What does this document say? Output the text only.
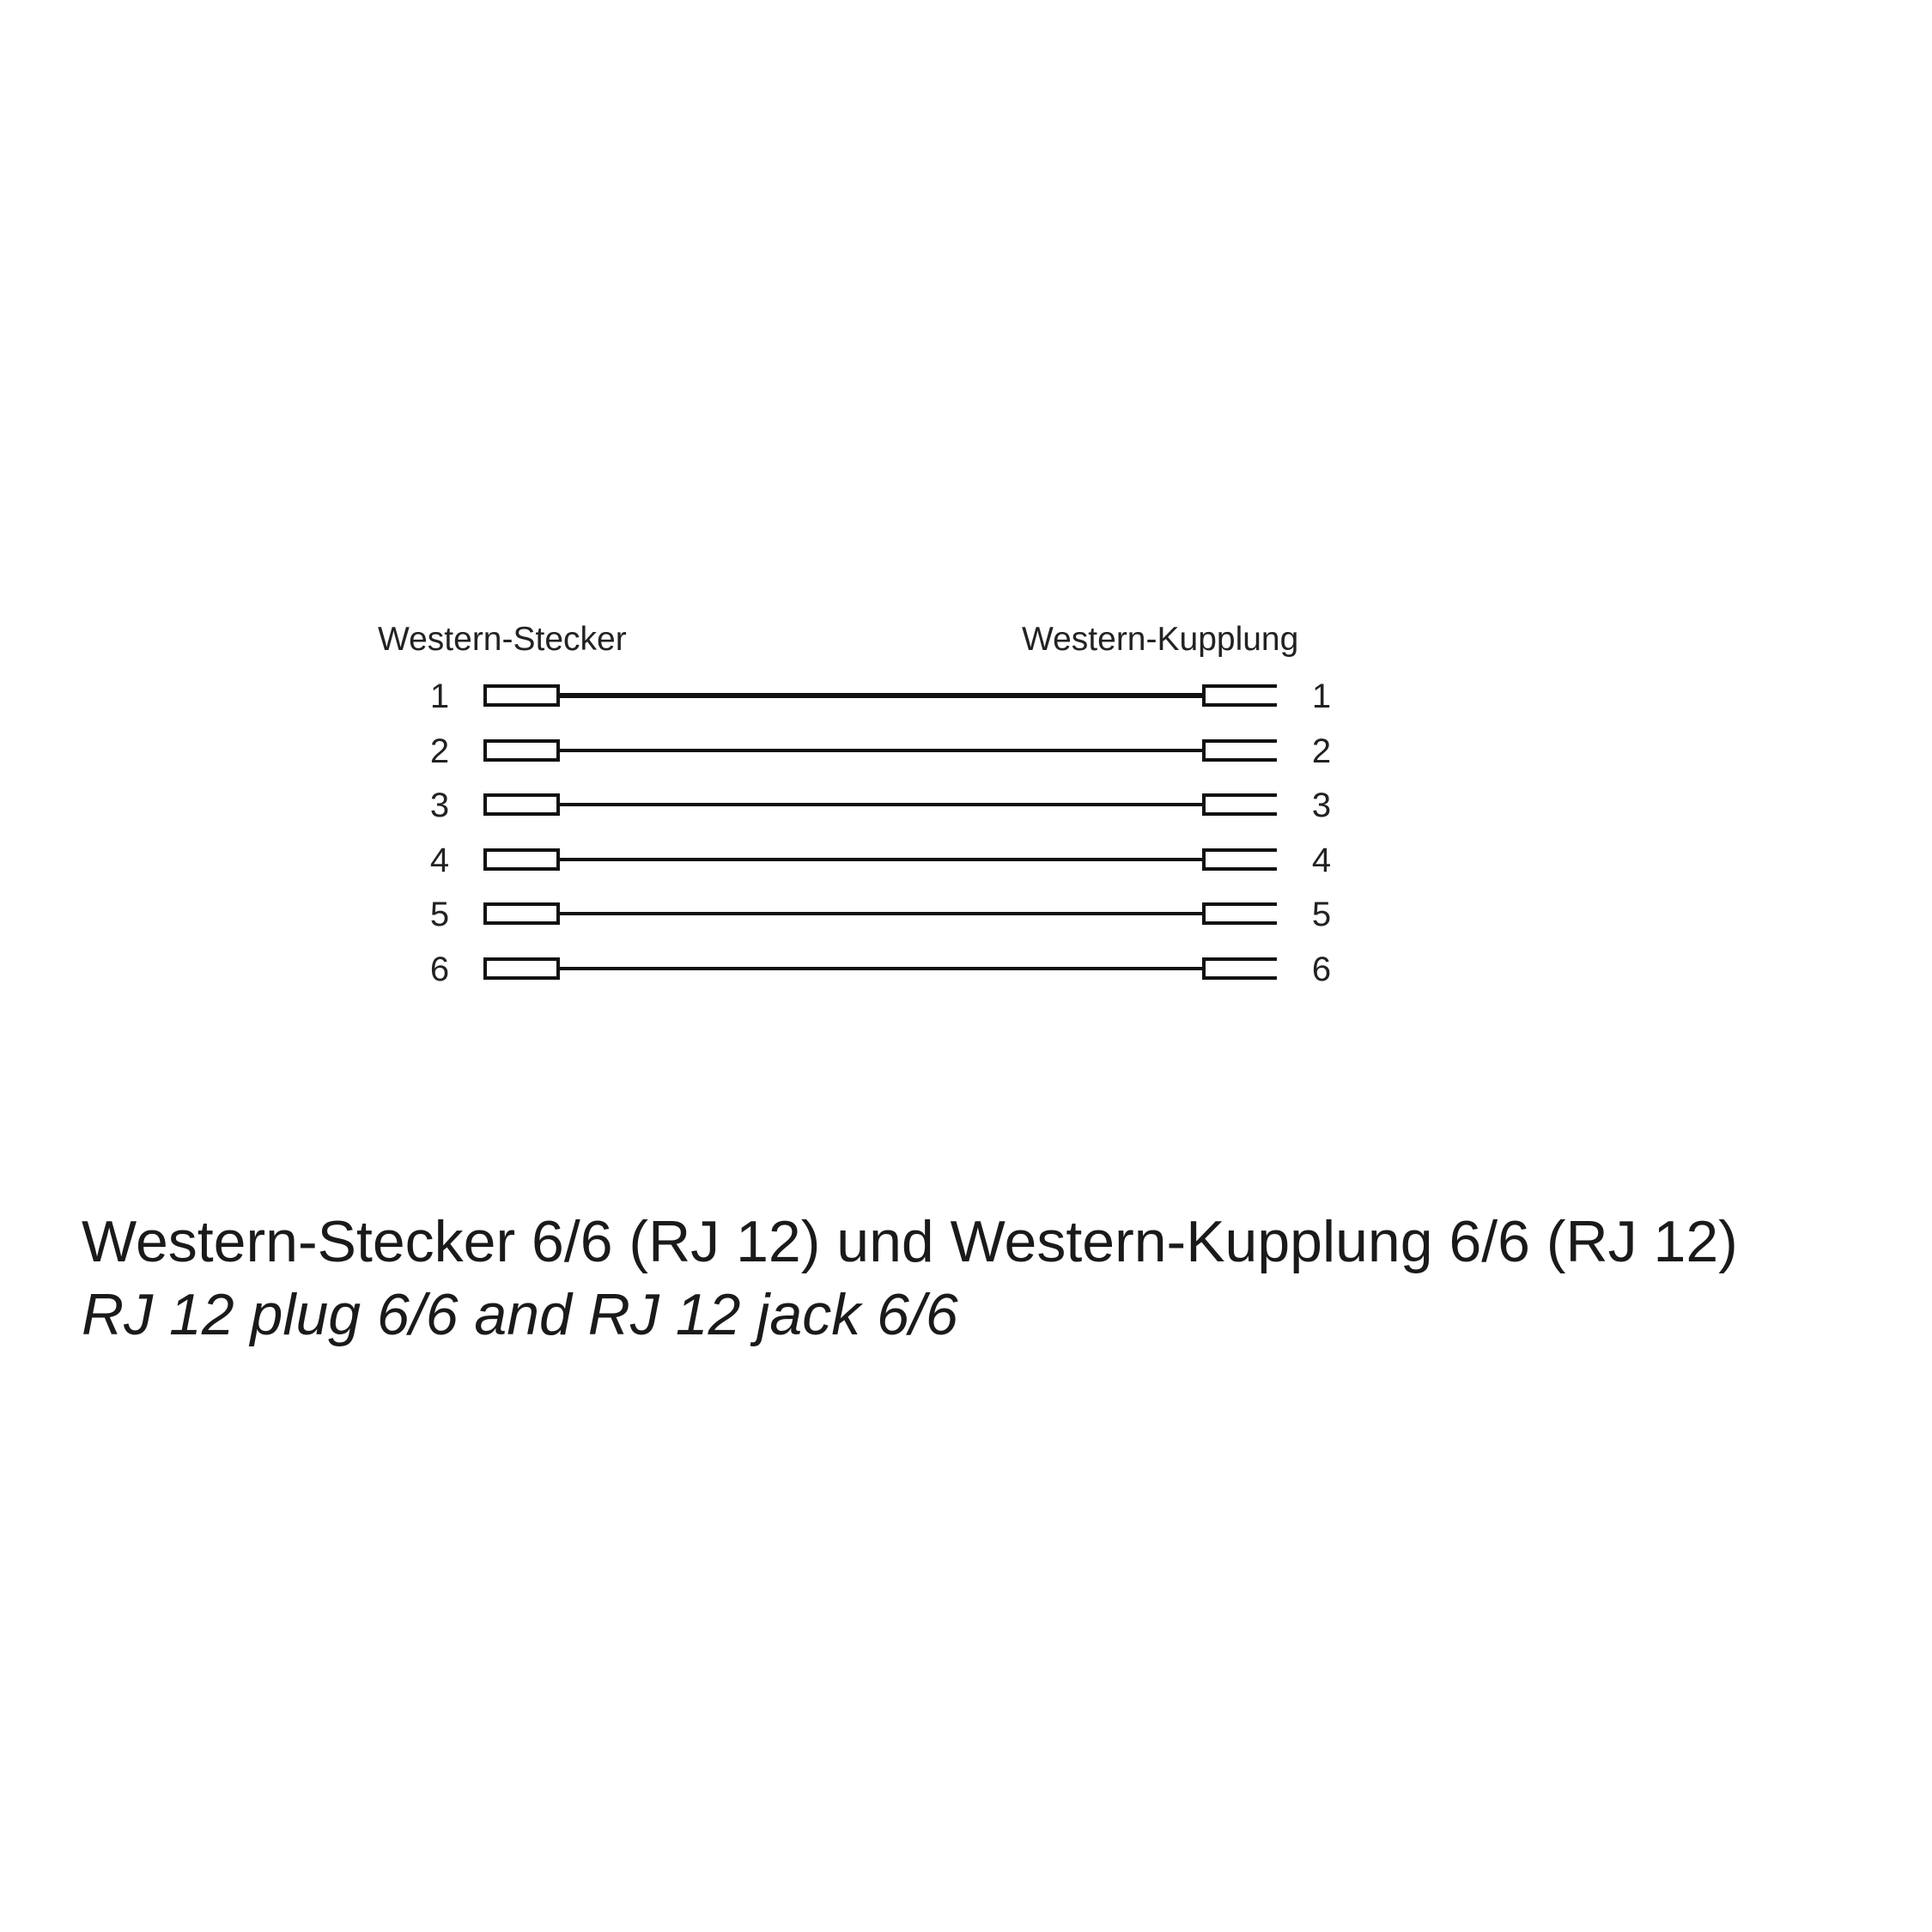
Western-Stecker	Western-Kupplung
1	1
2	2
3	3
4	4
5	5
6	6

Western-Stecker 6/6 (RJ 12) und Western-Kupplung 6/6 (RJ 12)

RJ 12 plug 6/6 and RJ 12 jack 6/6
